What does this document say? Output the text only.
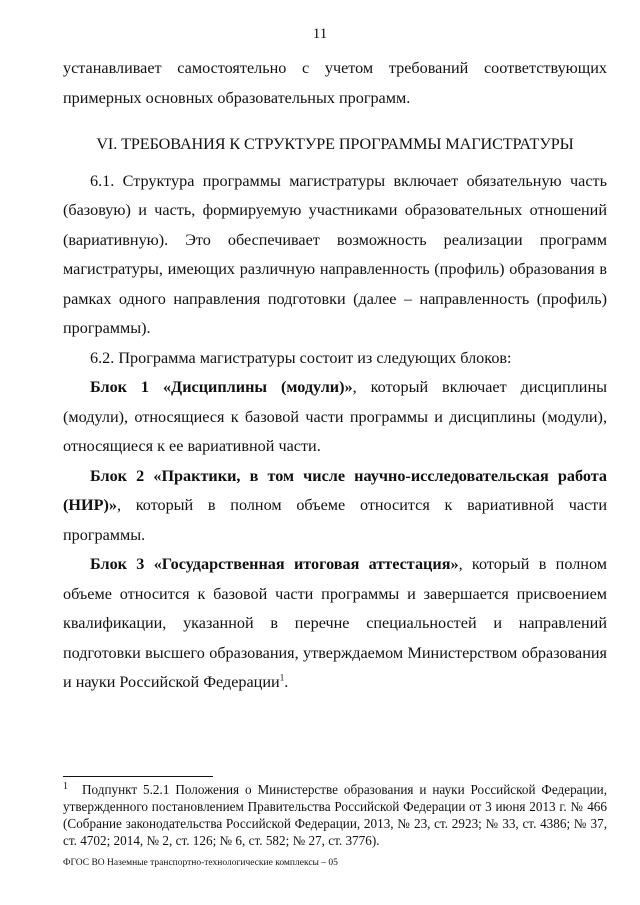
11

устанавливает самостоятельно с учетом требований соответствующих примерных основных образовательных программ.

VI. ТРЕБОВАНИЯ К СТРУКТУРЕ ПРОГРАММЫ МАГИСТРАТУРЫ

6.1. Структура программы магистратуры включает обязательную часть (базовую) и часть, формируемую участниками образовательных отношений (вариативную). Это обеспечивает возможность реализации программ магистратуры, имеющих различную направленность (профиль) образования в рамках одного направления подготовки (далее – направленность (профиль) программы).

6.2. Программа магистратуры состоит из следующих блоков:

Блок 1 «Дисциплины (модули)», который включает дисциплины (модули), относящиеся к базовой части программы и дисциплины (модули), относящиеся к ее вариативной части.

Блок 2 «Практики, в том числе научно-исследовательская работа (НИР)», который в полном объеме относится к вариативной части программы.

Блок 3 «Государственная итоговая аттестация», который в полном объеме относится к базовой части программы и завершается присвоением квалификации, указанной в перечне специальностей и направлений подготовки высшего образования, утверждаемом Министерством образования и науки Российской Федерации$^1$.

$^1$ Подпункт 5.2.1 Положения о Министерстве образования и науки Российской Федерации, утвержденного постановлением Правительства Российской Федерации от 3 июня 2013 г. № 466 (Собрание законодательства Российской Федерации, 2013, № 23, ст. 2923; № 33, ст. 4386; № 37, ст. 4702; 2014, № 2, ст. 126; № 6, ст. 582; № 27, ст. 3776).
ФГОС ВО Наземные транспортно-технологические комплексы – 05
